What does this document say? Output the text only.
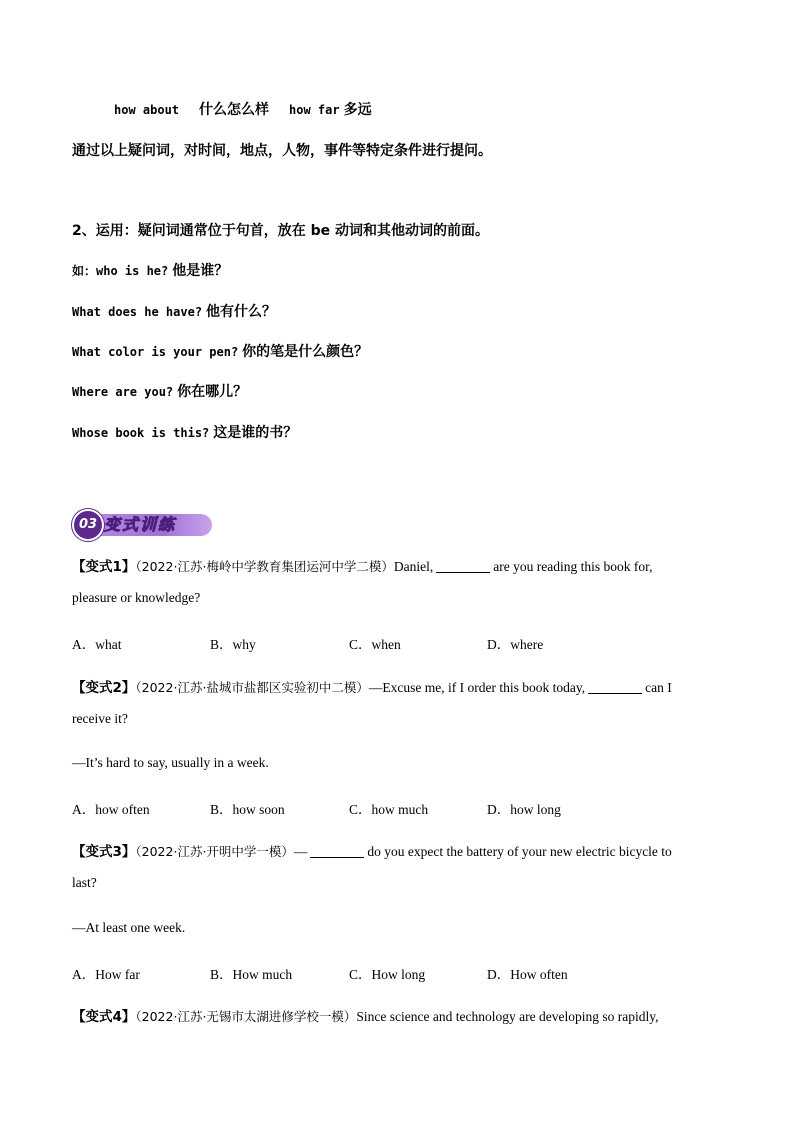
how about 什么怎么样 how far 多远
通过以上疑问词，对时间，地点，人物，事件等特定条件进行提问。
2、运用：疑问词通常位于句首，放在 be 动词和其他动词的前面。
如：who is he? 他是谁？
What does he have? 他有什么？
What color is your pen? 你的笔是什么颜色？
Where are you? 你在哪儿？
Whose book is this? 这是谁的书？
03 变式训练
【变式1】（2022·江苏·梅岭中学教育集团运河中学二模）Daniel,	are you reading this book for,
pleasure or knowledge?
A．what	B．why	C．when	D．where
【变式2】（2022·江苏·盐城市盐都区实验初中二模）—Excuse me, if I order this book today,	can I
receive it?
—It’s hard to say, usually in a week.
A．how often	B．how soon	C．how much	D．how long
【变式3】（2022·江苏·开明中学一模）—	do you expect the battery of your new electric bicycle to
last?
—At least one week.
A．How far	B．How much	C．How long	D．How often
【变式4】（2022·江苏·无锡市太湖进修学校一模）Since science and technology are developing so rapidly,
